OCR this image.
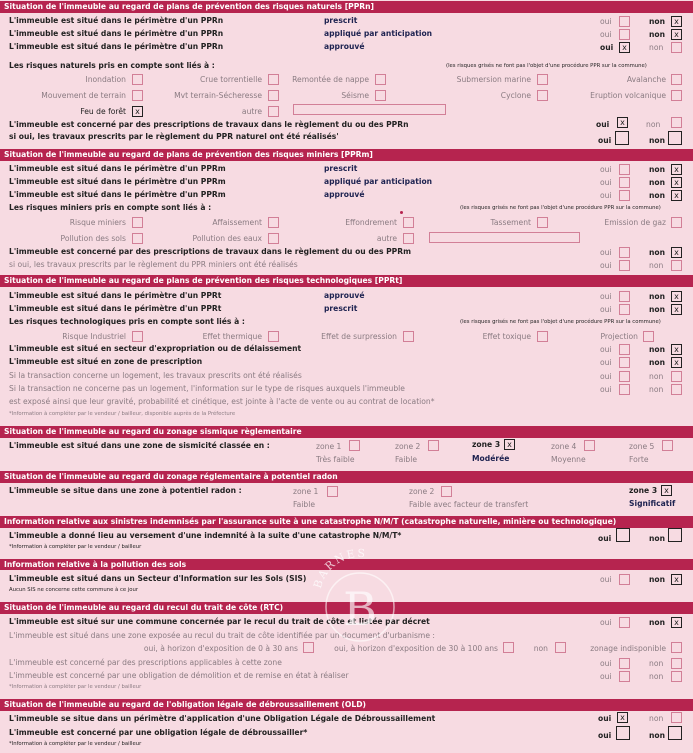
Situation de l'immeuble au regard de plans de prévention des risques naturels [PPRn]
L'immeuble est situé dans le périmètre d'un PPRn	prescrit	oui	non	x
L'immeuble est situé dans le périmètre d'un PPRn	appliqué par anticipation	oui	non	x
L'immeuble est situé dans le périmètre d'un PPRn	approuvé	oui	x	non
Les risques naturels pris en compte sont liés à :	(les risques grisés ne font pas l'objet d'une procédure PPR sur la commune)
Inondation	Crue torrentielle	Remontée de nappe	Submersion marine	Avalanche
Mouvement de terrain	Mvt terrain-Sécheresse	Séisme	Cyclone	Eruption volcanique
Feu de forêt	x	autre
L'immeuble est concerné par des prescriptions de travaux dans le règlement du ou des PPRn	oui	x	non
si oui, les travaux prescrits par le règlement du PPR naturel ont été réalisés'	oui	non
Situation de l'immeuble au regard de plans de prévention des risques miniers [PPRm]
L'immeuble est situé dans le périmètre d'un PPRm	prescrit	oui	non	x
L'immeuble est situé dans le périmètre d'un PPRm	appliqué par anticipation	oui	non	x
L'immeuble est situé dans le périmètre d'un PPRm	approuvé	oui	non	x
Les risques miniers pris en compte sont liés à :	(les risques grisés ne font pas l'objet d'une procédure PPR sur la commune)
Risque miniers	Affaissement	Effondrement	Tassement	Emission de gaz
Pollution des sols	Pollution des eaux	autre
L'immeuble est concerné par des prescriptions de travaux dans le règlement du ou des PPRm	oui	non	x
si oui, les travaux prescrits par le règlement du PPR miniers ont été réalisés	oui	non
Situation de l'immeuble au regard de plans de prévention des risques technologiques [PPRt]
L'immeuble est situé dans le périmètre d'un PPRt	approuvé	oui	non	x
L'immeuble est situé dans le périmètre d'un PPRt	prescrit	oui	non	x
Les risques technologiques pris en compte sont liés à :	(les risques grisés ne font pas l'objet d'une procédure PPR sur la commune)
Risque Industriel	Effet thermique	Effet de surpression	Effet toxique	Projection
L'immeuble est situé en secteur d'expropriation ou de délaissement	oui	non	x
L'immeuble est situé en zone de prescription	oui	non	x
Si la transaction concerne un logement, les travaux prescrits ont été réalisés	oui	non
Si la transaction ne concerne pas un logement, l'information sur le type de risques auxquels l'immeuble	oui	non
est exposé ainsi que leur gravité, probabilité et cinétique, est jointe à l'acte de vente ou au contrat de location*
*Information à compléter par le vendeur / bailleur, disponible auprès de la Préfecture
Situation de l'immeuble au regard du zonage sismique règlementaire
L'immeuble est situé dans une zone de sismicité classée en :	zone 1
Très faible
zone 2
Faible
zone 3 x
Modérée
zone 4
Moyenne
zone 5
Forte
Situation de l'immeuble au regard du zonage réglementaire à potentiel radon
L'immeuble se situe dans une zone à potentiel radon :	zone 1
Faible
zone 2
Faible avec facteur de transfert
zone 3 x
Significatif
Information relative aux sinistres indemnisés par l'assurance suite à une catastrophe N/M/T (catastrophe naturelle, minière ou technologique)
L'immeuble a donné lieu au versement d'une indemnité à la suite d'une catastrophe N/M/T*	oui	non
*Information à compléter par le vendeur / bailleur
Information relative à la pollution des sols
L'immeuble est situé dans un Secteur d'Information sur les Sols (SIS)	oui	non	x
Aucun SIS ne concerne cette commune à ce jour
Situation de l'immeuble au regard du recul du trait de côte (RTC)
L'immeuble est situé sur une commune concernée par le recul du trait de côte et listée par décret	oui	non	x
L'immeuble est situé dans une zone exposée au recul du trait de côte identifiée par un document d'urbanisme :
oui, à horizon d'exposition de 0 à 30 ans	oui, à horizon d'exposition de 30 à 100 ans	non	zonage indisponible
L'immeuble est concerné par des prescriptions applicables à cette zone	oui	non
L'immeuble est concerné par une obligation de démolition et de remise en état à réaliser	oui	non
*Information à compléter par le vendeur / bailleur
Situation de l'immeuble au regard de l'obligation légale de débroussaillement (OLD)
L'immeuble se situe dans un périmètre d'application d'une Obligation Légale de Débroussaillement	oui	x	non
L'immeuble est concerné par une obligation légale de débroussailler*	oui	non
*Information à compléter par le vendeur / bailleur
BARNES
B
